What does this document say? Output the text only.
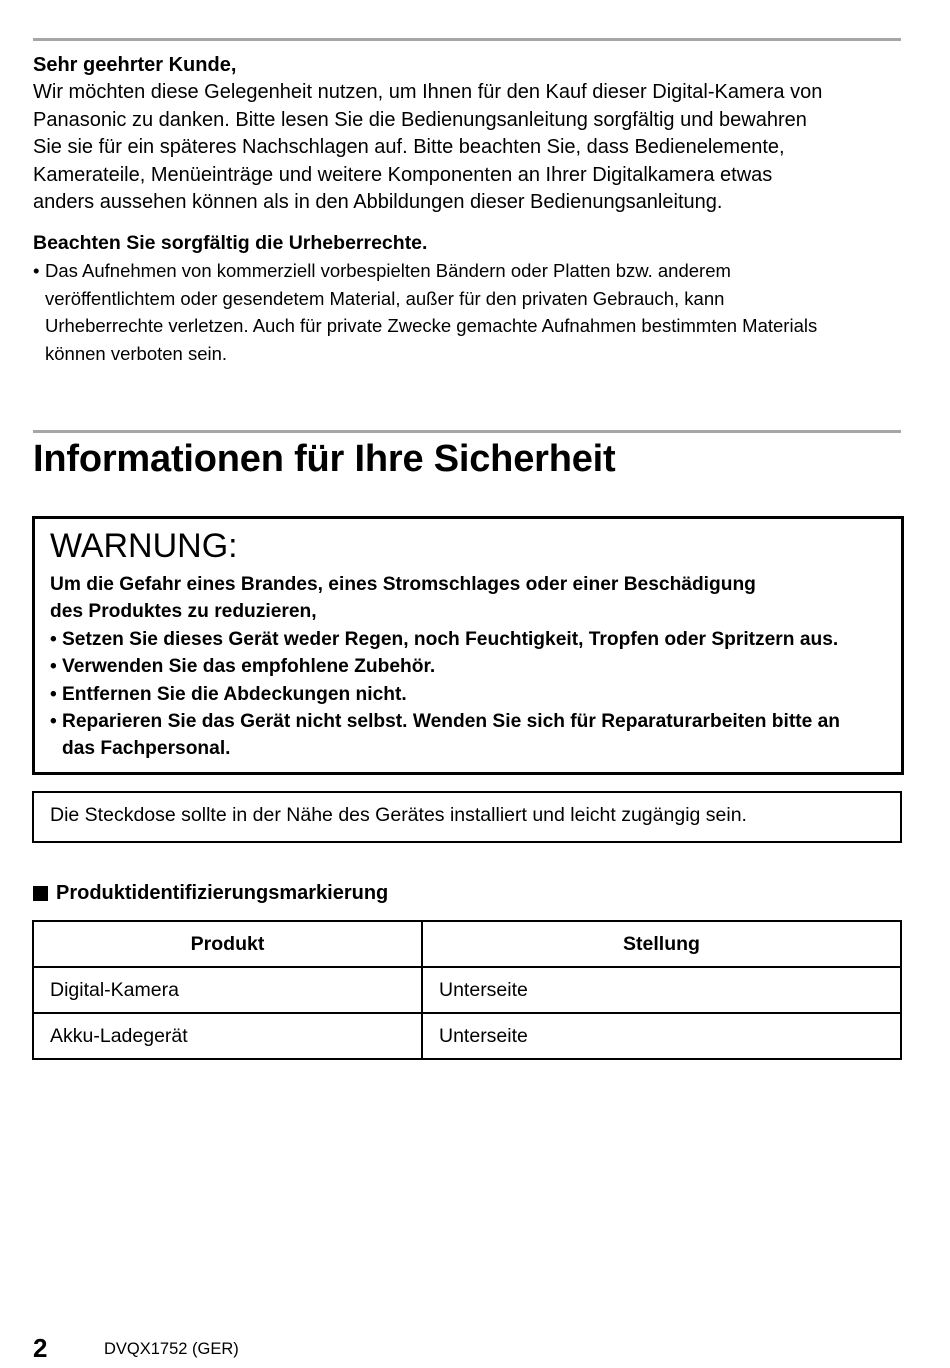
Sehr geehrter Kunde,
Wir möchten diese Gelegenheit nutzen, um Ihnen für den Kauf dieser Digital-Kamera von
Panasonic zu danken. Bitte lesen Sie die Bedienungsanleitung sorgfältig und bewahren
Sie sie für ein späteres Nachschlagen auf. Bitte beachten Sie, dass Bedienelemente,
Kamerateile, Menüeinträge und weitere Komponenten an Ihrer Digitalkamera etwas
anders aussehen können als in den Abbildungen dieser Bedienungsanleitung.
Beachten Sie sorgfältig die Urheberrechte.
• Das Aufnehmen von kommerziell vorbespielten Bändern oder Platten bzw. anderem
veröffentlichtem oder gesendetem Material, außer für den privaten Gebrauch, kann
Urheberrechte verletzen. Auch für private Zwecke gemachte Aufnahmen bestimmten Materials
können verboten sein.
Informationen für Ihre Sicherheit
WARNUNG:
Um die Gefahr eines Brandes, eines Stromschlages oder einer Beschädigung
des Produktes zu reduzieren,
• Setzen Sie dieses Gerät weder Regen, noch Feuchtigkeit, Tropfen oder Spritzern aus.
• Verwenden Sie das empfohlene Zubehör.
• Entfernen Sie die Abdeckungen nicht.
• Reparieren Sie das Gerät nicht selbst. Wenden Sie sich für Reparaturarbeiten bitte an
das Fachpersonal.
Die Steckdose sollte in der Nähe des Gerätes installiert und leicht zugängig sein.
Produktidentifizierungsmarkierung
Produkt	Stellung
Digital-Kamera	Unterseite
Akku-Ladegerät	Unterseite
2	DVQX1752 (GER)
